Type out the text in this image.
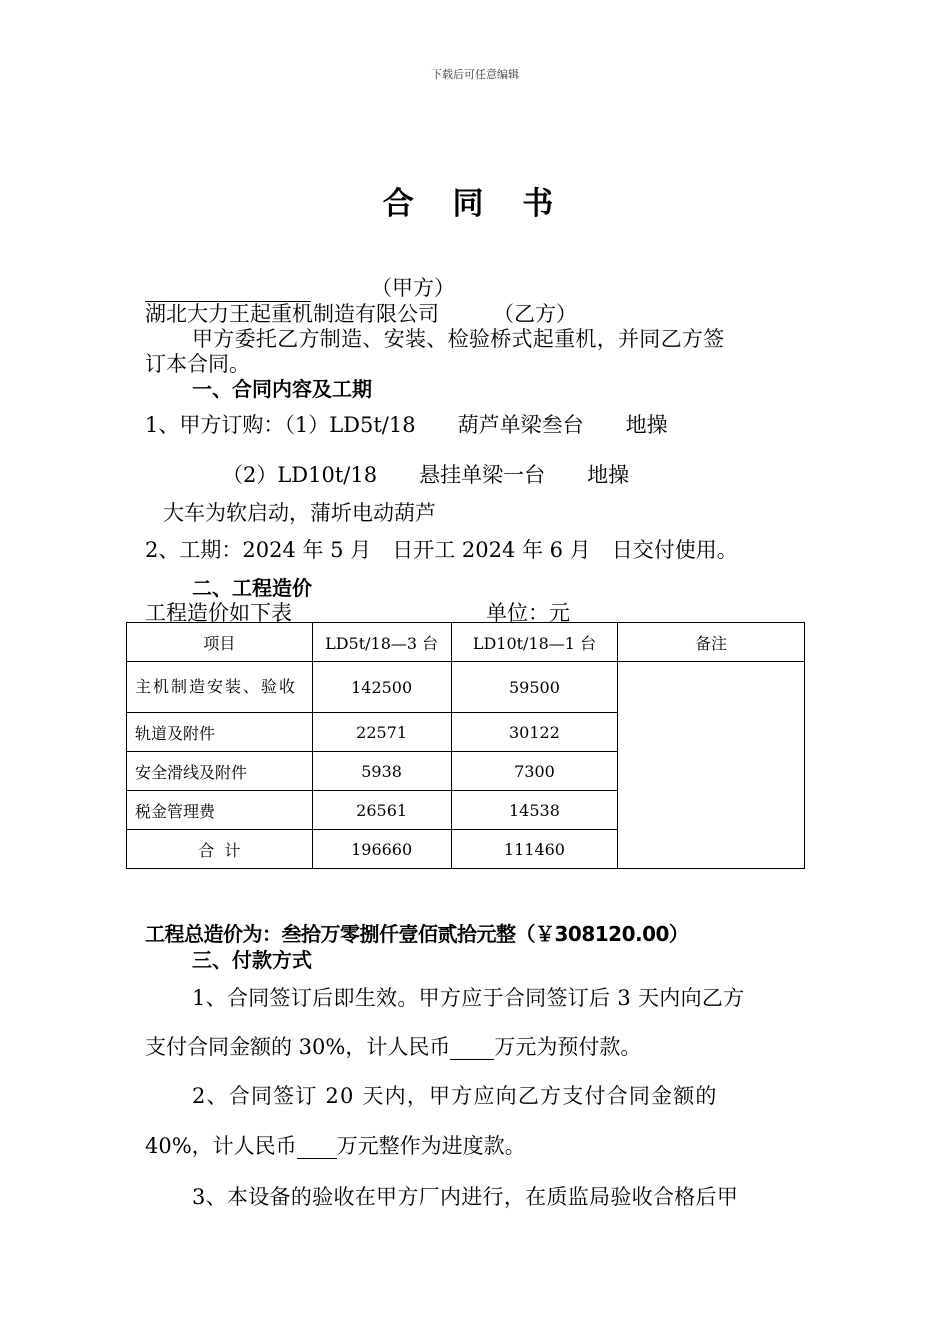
下载后可任意编辑
合 同 书
（甲方）
湖北大力王起重机制造有限公司	（乙方）
甲方委托乙方制造、安装、检验桥式起重机，并同乙方签
订本合同。
一、合同内容及工期
1、甲方订购：（1）LD5t/18　　葫芦单梁叁台　　地操
（2）LD10t/18　　悬挂单梁一台　　地操
大车为软启动，蒲圻电动葫芦
2、工期：2024 年 5 月　日开工 2024 年 6 月　日交付使用。
二、工程造价
工程造价如下表	单位：元
项目	LD5t/18—3 台	LD10t/18—1 台	备注
主机制造安装、验收	142500	59500	
轨道及附件	22571	30122	
安全滑线及附件	5938	7300	
税金管理费	26561	14538	
合  计	196660	111460	
工程总造价为：叁拾万零捌仟壹佰贰拾元整（￥308120.00）
三、付款方式
1、合同签订后即生效。甲方应于合同签订后 3 天内向乙方
支付合同金额的 30%，计人民币 万元为预付款。
2、合同签订 20 天内，甲方应向乙方支付合同金额的
40%，计人民币 万元整作为进度款。
3、本设备的验收在甲方厂内进行，在质监局验收合格后甲
